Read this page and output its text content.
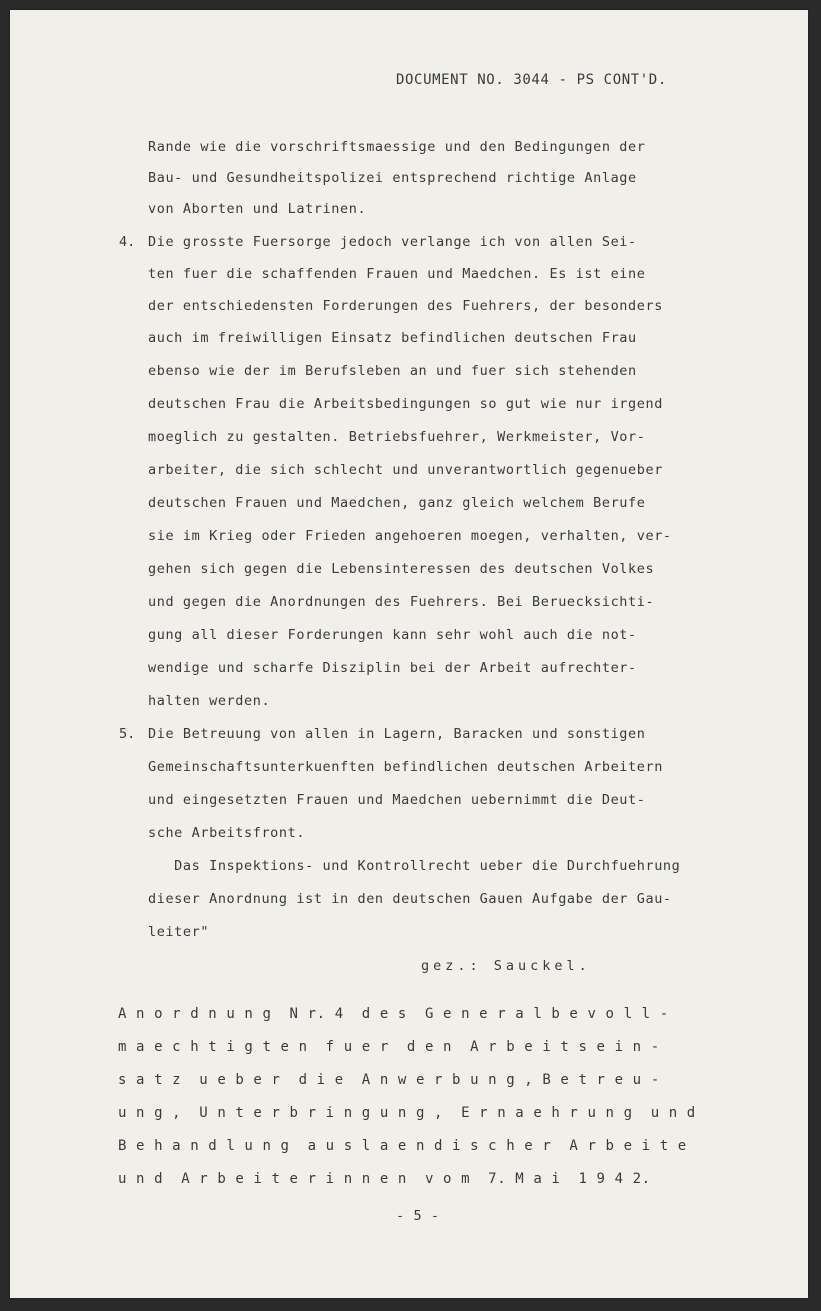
DOCUMENT NO. 3044 - PS CONT'D.
Rande wie die vorschriftsmaessige und den Bedingungen der
Bau- und Gesundheitspolizei entsprechend richtige Anlage
von Aborten und Latrinen.
4. Die grosste Fuersorge jedoch verlange ich von allen Sei-
ten fuer die schaffenden Frauen und Maedchen. Es ist eine
der entschiedensten Forderungen des Fuehrers, der besonders
auch im freiwilligen Einsatz befindlichen deutschen Frau
ebenso wie der im Berufsleben an und fuer sich stehenden
deutschen Frau die Arbeitsbedingungen so gut wie nur irgend
moeglich zu gestalten. Betriebsfuehrer, Werkmeister, Vor-
arbeiter, die sich schlecht und unverantwortlich gegenueber
deutschen Frauen und Maedchen, ganz gleich welchem Berufe
sie im Krieg oder Frieden angehoeren moegen, verhalten, ver-
gehen sich gegen die Lebensinteressen des deutschen Volkes
und gegen die Anordnungen des Fuehrers. Bei Beruecksichti-
gung all dieser Forderungen kann sehr wohl auch die not-
wendige und scharfe Disziplin bei der Arbeit aufrechter-
halten werden.
5. Die Betreuung von allen in Lagern, Baracken und sonstigen
Gemeinschaftsunterkuenften befindlichen deutschen Arbeitern
und eingesetzten Frauen und Maedchen uebernimmt die Deut-
sche Arbeitsfront.
Das Inspektions- und Kontrollrecht ueber die Durchfuehrung
dieser Anordnung ist in den deutschen Gauen Aufgabe der Gau-
leiter"
gez.: Sauckel.
A n o r d n u n g  N r. 4  d e s  G e n e r a l b e v o l l -
m a e c h t i g t e n  f u e r  d e n  A r b e i t s e i n -
s a t z  u e b e r  d i e  A n w e r b u n g , B e t r e u -
u n g ,  U n t e r b r i n g u n g ,  E r n a e h r u n g  u n d
B e h a n d l u n g  a u s l a e n d i s c h e r  A r b e i t e
u n d  A r b e i t e r i n n e n  v o m  7. M a i  1 9 4 2.
- 5 -
